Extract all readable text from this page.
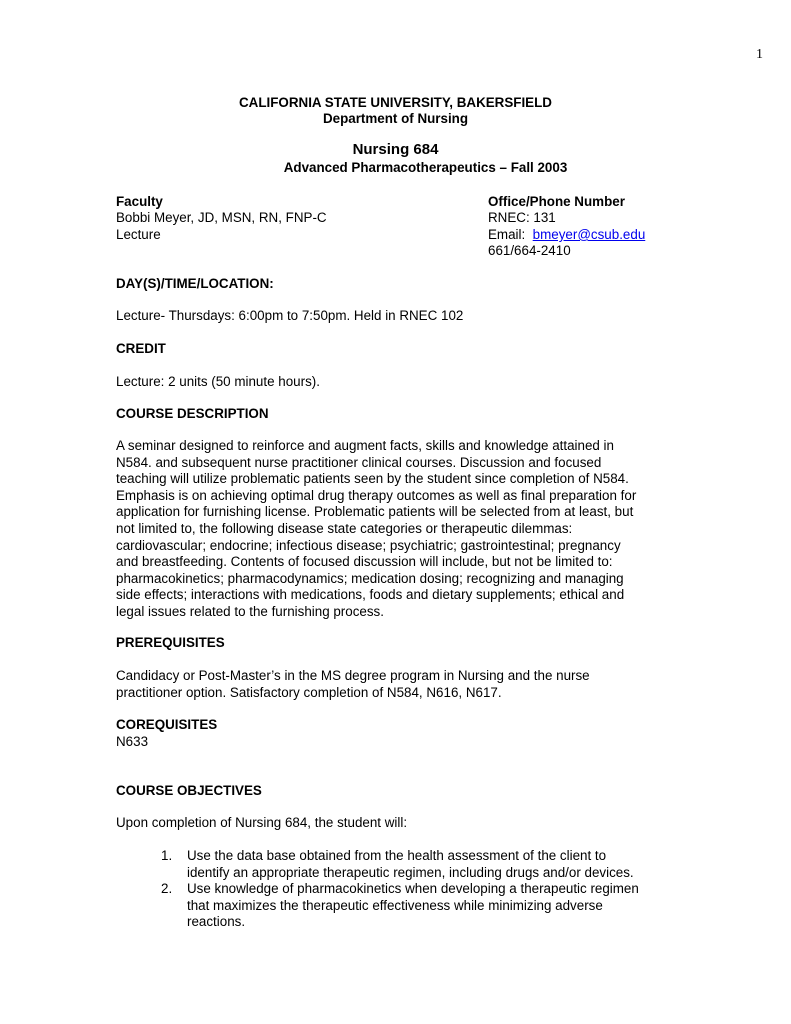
1
CALIFORNIA STATE UNIVERSITY, BAKERSFIELD
Department of Nursing
Nursing 684
Advanced Pharmacotherapeutics – Fall 2003
Faculty
Bobbi Meyer, JD, MSN, RN, FNP-C
Lecture
Office/Phone Number
RNEC: 131
Email: bmeyer@csub.edu
661/664-2410
DAY(S)/TIME/LOCATION:
Lecture- Thursdays: 6:00pm to 7:50pm. Held in RNEC 102
CREDIT
Lecture: 2 units (50 minute hours).
COURSE DESCRIPTION
A seminar designed to reinforce and augment facts, skills and knowledge attained in
N584. and subsequent nurse practitioner clinical courses. Discussion and focused
teaching will utilize problematic patients seen by the student since completion of N584.
Emphasis is on achieving optimal drug therapy outcomes as well as final preparation for
application for furnishing license. Problematic patients will be selected from at least, but
not limited to, the following disease state categories or therapeutic dilemmas:
cardiovascular; endocrine; infectious disease; psychiatric; gastrointestinal; pregnancy
and breastfeeding. Contents of focused discussion will include, but not be limited to:
pharmacokinetics; pharmacodynamics; medication dosing; recognizing and managing
side effects; interactions with medications, foods and dietary supplements; ethical and
legal issues related to the furnishing process.
PREREQUISITES
Candidacy or Post-Master’s in the MS degree program in Nursing and the nurse
practitioner option. Satisfactory completion of N584, N616, N617.
COREQUISITES
N633
COURSE OBJECTIVES
Upon completion of Nursing 684, the student will:
1. Use the data base obtained from the health assessment of the client to
identify an appropriate therapeutic regimen, including drugs and/or devices.
2. Use knowledge of pharmacokinetics when developing a therapeutic regimen
that maximizes the therapeutic effectiveness while minimizing adverse
reactions.
